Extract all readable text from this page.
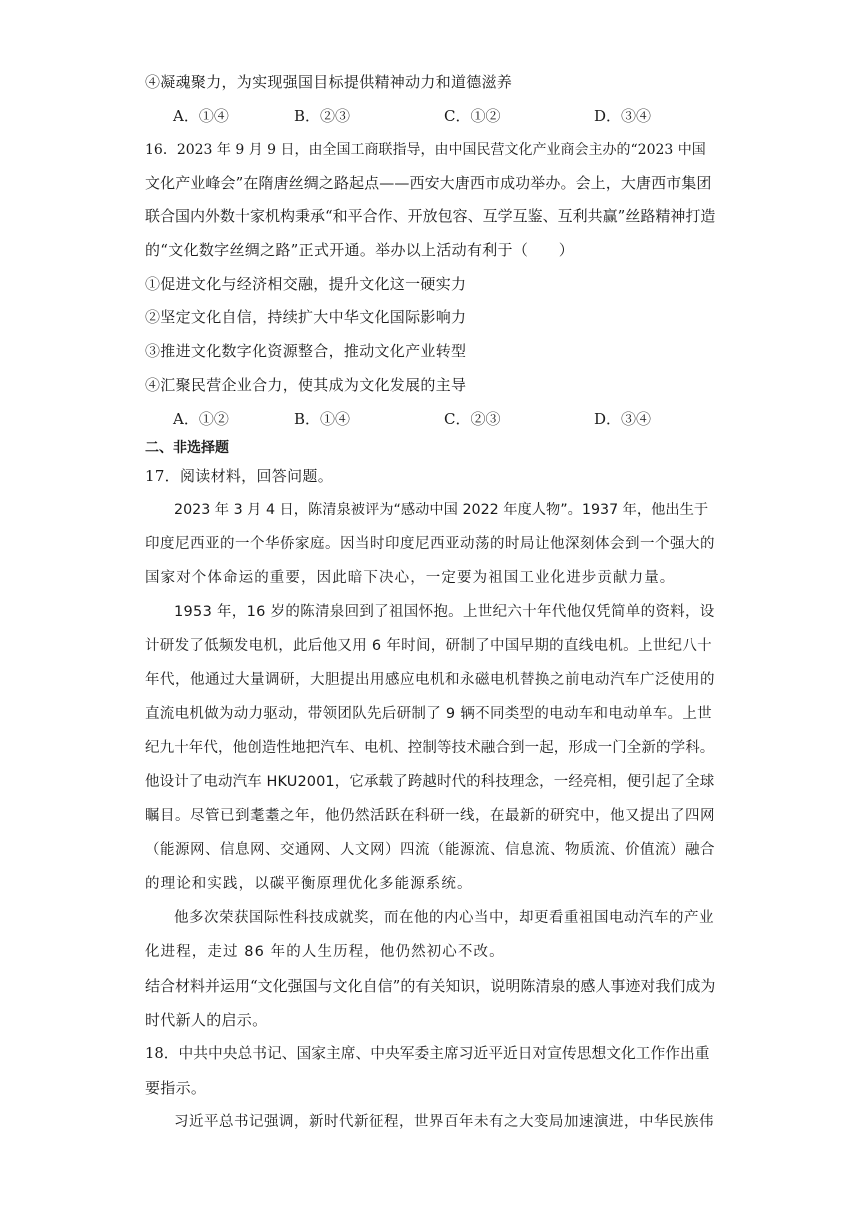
④凝魂聚力，为实现强国目标提供精神动力和道德滋养
A．①④	B．②③	C．①②	D．③④
16．2023 年 9 月 9 日，由全国工商联指导，由中国民营文化产业商会主办的“2023 中国
文化产业峰会”在隋唐丝绸之路起点——西安大唐西市成功举办。会上，大唐西市集团
联合国内外数十家机构秉承“和平合作、开放包容、互学互鉴、互利共赢”丝路精神打造
的“文化数字丝绸之路”正式开通。举办以上活动有利于（　　）
①促进文化与经济相交融，提升文化这一硬实力
②坚定文化自信，持续扩大中华文化国际影响力
③推进文化数字化资源整合，推动文化产业转型
④汇聚民营企业合力，使其成为文化发展的主导
A．①②	B．①④	C．②③	D．③④
二、非选择题
17．阅读材料，回答问题。
2023 年 3 月 4 日，陈清泉被评为“感动中国 2022 年度人物”。1937 年，他出生于
印度尼西亚的一个华侨家庭。因当时印度尼西亚动荡的时局让他深刻体会到一个强大的
国家对个体命运的重要，因此暗下决心，一定要为祖国工业化进步贡献力量。
1953 年，16 岁的陈清泉回到了祖国怀抱。上世纪六十年代他仅凭简单的资料，设
计研发了低频发电机，此后他又用 6 年时间，研制了中国早期的直线电机。上世纪八十
年代，他通过大量调研，大胆提出用感应电机和永磁电机替换之前电动汽车广泛使用的
直流电机做为动力驱动，带领团队先后研制了 9 辆不同类型的电动车和电动单车。上世
纪九十年代，他创造性地把汽车、电机、控制等技术融合到一起，形成一门全新的学科。
他设计了电动汽车 HKU2001，它承载了跨越时代的科技理念，一经亮相，便引起了全球
瞩目。尽管已到耄耋之年，他仍然活跃在科研一线，在最新的研究中，他又提出了四网
（能源网、信息网、交通网、人文网）四流（能源流、信息流、物质流、价值流）融合
的理论和实践，以碳平衡原理优化多能源系统。
他多次荣获国际性科技成就奖，而在他的内心当中，却更看重祖国电动汽车的产业
化进程，走过 86 年的人生历程，他仍然初心不改。
结合材料并运用“文化强国与文化自信”的有关知识，说明陈清泉的感人事迹对我们成为
时代新人的启示。
18．中共中央总书记、国家主席、中央军委主席习近平近日对宣传思想文化工作作出重
要指示。
习近平总书记强调，新时代新征程，世界百年未有之大变局加速演进，中华民族伟
